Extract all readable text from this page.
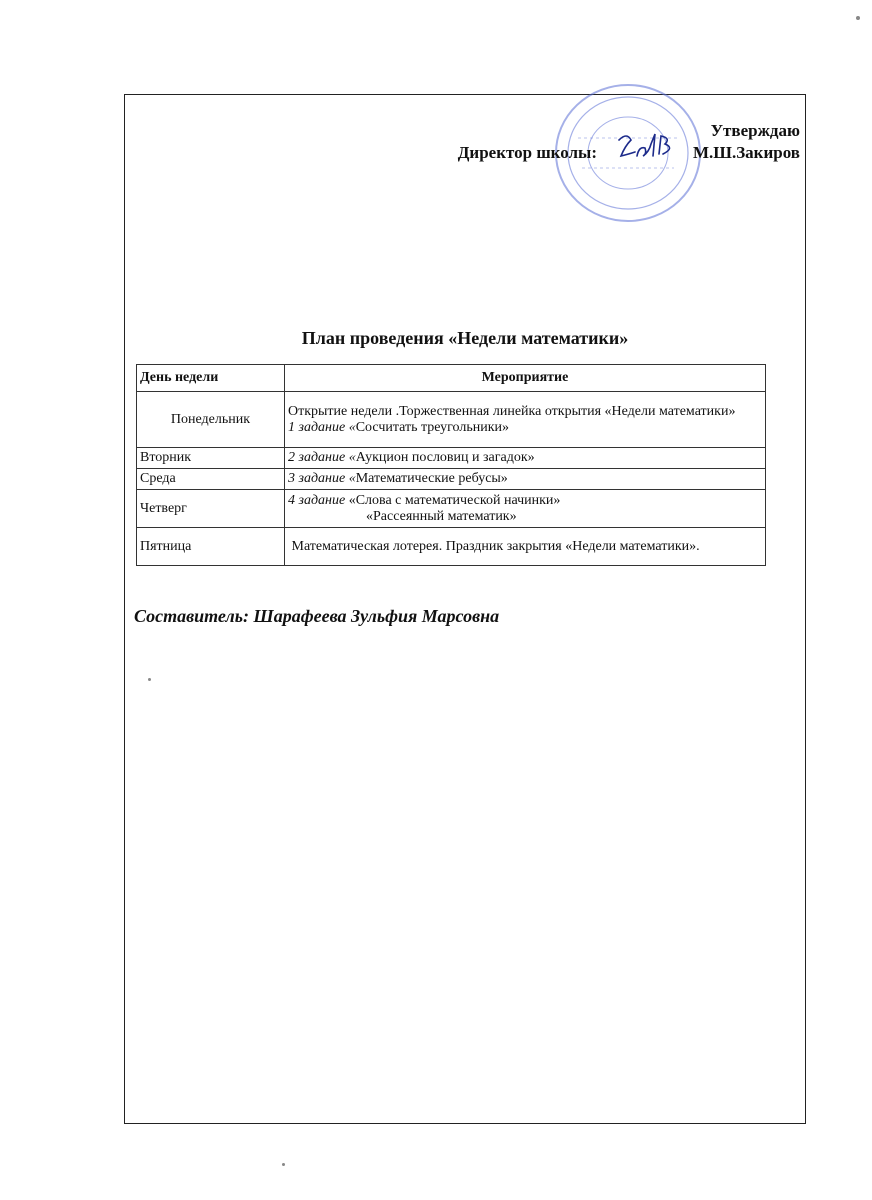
Утверждаю
Директор школы:	М.Ш.Закиров
План проведения «Недели математики»
День недели	Мероприятие
Понедельник	Открытие недели .Торжественная линейка открытия «Недели математики»
1 задание «Сосчитать треугольники»

Вторник	2 задание «Аукцион пословиц и загадок»
Среда	3 задание «Математические ребусы»
Четверг	4 задание «Слова с математической начинки»
«Рассеянный математик»

Пятница	Математическая лотерея. Праздник закрытия «Недели математики».
Составитель: Шарафеева Зульфия Марсовна
